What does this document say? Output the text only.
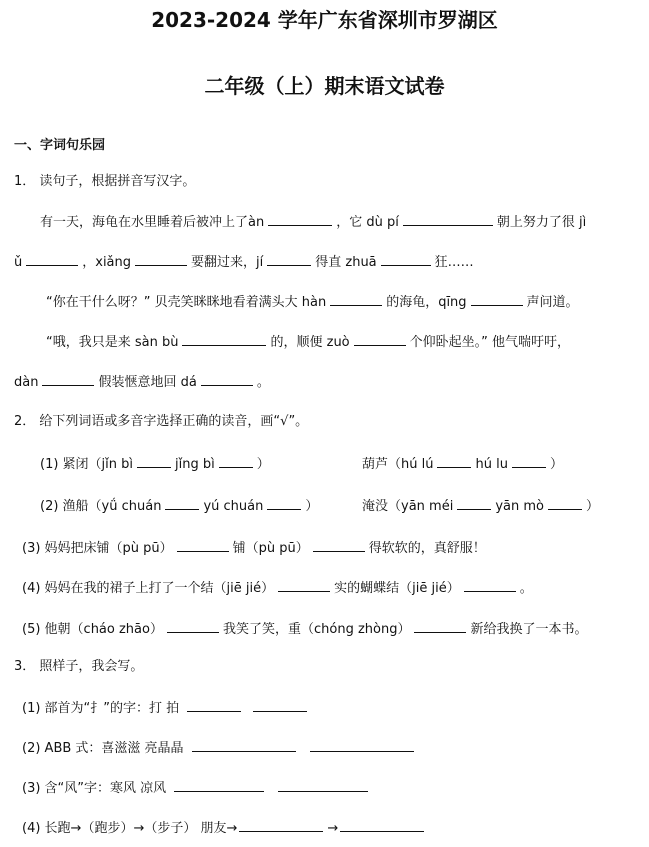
2023-2024 学年广东省深圳市罗湖区
二年级（上）期末语文试卷
一、字词句乐园
1． 读句子，根据拼音写汉字。
有一天，海龟在水里睡着后被冲上了àn	，它 dù pí	朝上努力了很 jì
ǔ	，xiǎng	要翻过来，jí	得直 zhuā	狂……
“你在干什么呀？” 贝壳笑眯眯地看着满头大 hàn	的海龟，qīng	声问道。
“哦，我只是来 sàn bù	的，顺便 zuò	个仰卧起坐。” 他气喘吁吁，
dàn	假装惬意地回 dá	。
2． 给下列词语或多音字选择正确的读音，画“√”。
(1) 紧闭（jǐn bì	jǐng bì	）	葫芦（hú lú	hú lu	）
(2) 渔船（yǘ chuán	yú chuán	）	淹没（yān méi	yān mò	）
(3) 妈妈把床铺（pù pū）	铺（pù pū）	得软软的，真舒服！
(4) 妈妈在我的裙子上打了一个结（jiē jié）	实的蝴蝶结（jiē jié）	。
(5) 他朝（cháo zhāo）	我笑了笑，重（chóng zhòng）	新给我换了一本书。
3． 照样子，我会写。
(1) 部首为“扌”的字：打 拍
(2) ABB 式：喜滋滋 亮晶晶
(3) 含“风”字：寒风 凉风
(4) 长跑→（跑步）→（步子） 朋友→	→
